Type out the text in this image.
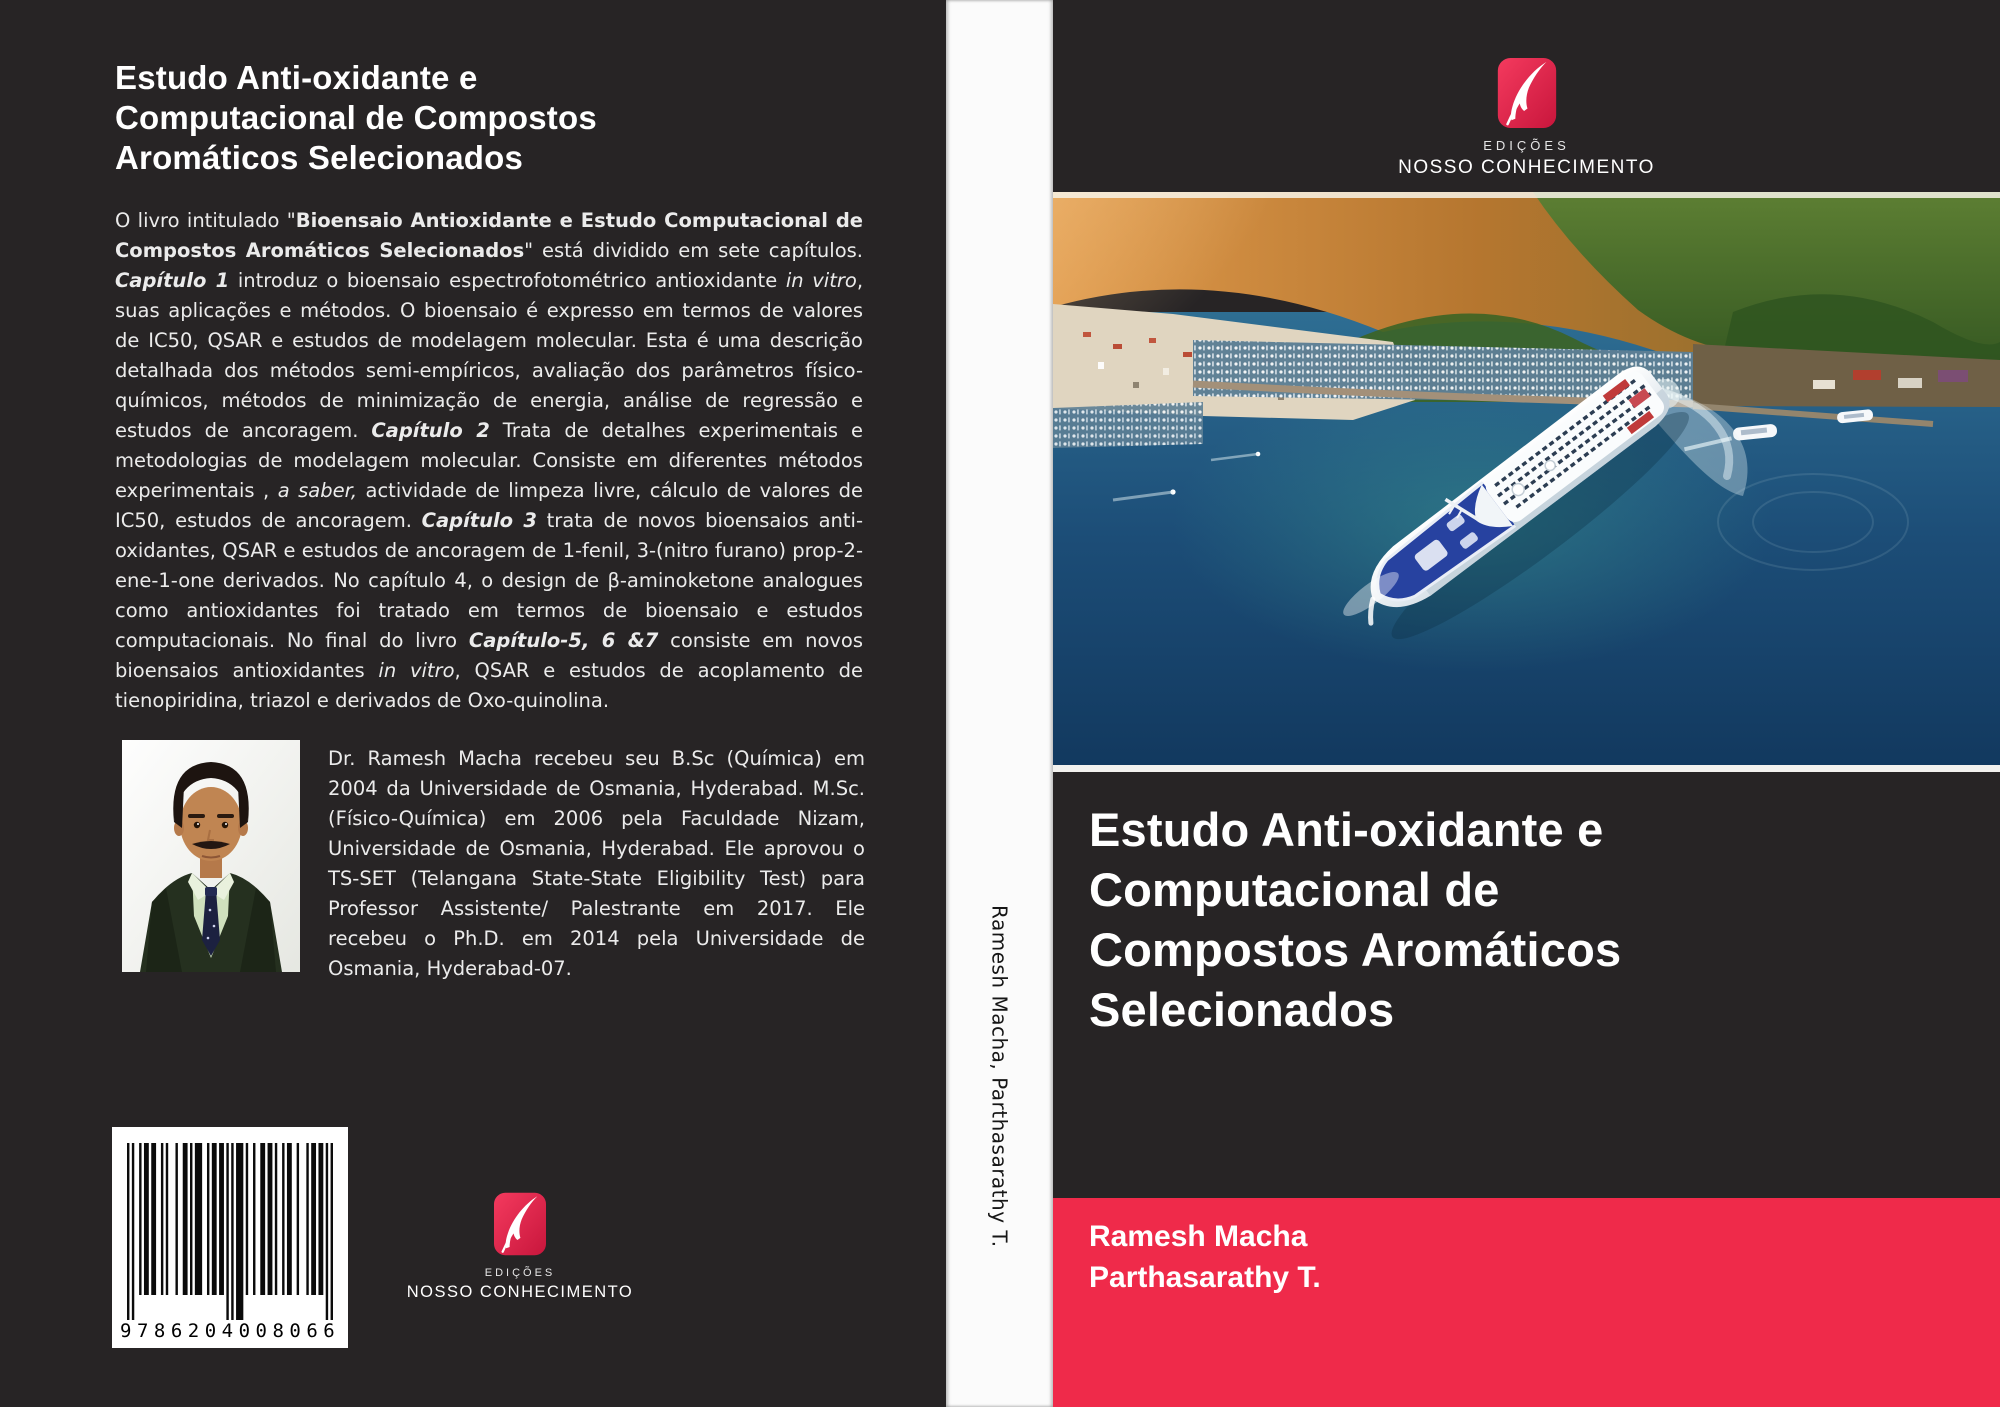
Estudo Anti-oxidante e
Computacional de Compostos
Aromáticos Selecionados
O livro intitulado "Bioensaio Antioxidante e Estudo Computacional de Compostos Aromáticos Selecionados" está dividido em sete capítulos. Capítulo 1 introduz o bioensaio espectrofotométrico antioxidante in vitro, suas aplicações e métodos. O bioensaio é expresso em termos de valores de IC50, QSAR e estudos de modelagem molecular. Esta é uma descrição detalhada dos métodos semi-empíricos, avaliação dos parâmetros físico-químicos, métodos de minimização de energia, análise de regressão e estudos de ancoragem. Capítulo 2 Trata de detalhes experimentais e metodologias de modelagem molecular. Consiste em diferentes métodos experimentais , a saber, actividade de limpeza livre, cálculo de valores de IC50, estudos de ancoragem. Capítulo 3 trata de novos bioensaios anti-oxidantes, QSAR e estudos de ancoragem de 1-fenil, 3-(nitro furano) prop-2-ene-1-one derivados. No capítulo 4, o design de β-aminoketone analogues como antioxidantes foi tratado em termos de bioensaio e estudos computacionais. No final do livro Capítulo-5, 6 &7 consiste em novos bioensaios antioxidantes in vitro, QSAR e estudos de acoplamento de tienopiridina, triazol e derivados de Oxo-quinolina.
Dr. Ramesh Macha recebeu seu B.Sc (Química) em 2004 da Universidade de Osmania, Hyderabad. M.Sc. (Físico-Química) em 2006 pela Faculdade Nizam, Universidade de Osmania, Hyderabad. Ele aprovou o TS-SET (Telangana State-State Eligibility Test) para Professor Assistente/ Palestrante em 2017. Ele recebeu o Ph.D. em 2014 pela Universidade de Osmania, Hyderabad-07.
9 786204 008066
EDIÇÕES
NOSSO CONHECIMENTO
Ramesh Macha, Parthasarathy T.
EDIÇÕES
NOSSO CONHECIMENTO
Estudo Anti-oxidante e
Computacional de
Compostos Aromáticos
Selecionados
Ramesh Macha
Parthasarathy T.
